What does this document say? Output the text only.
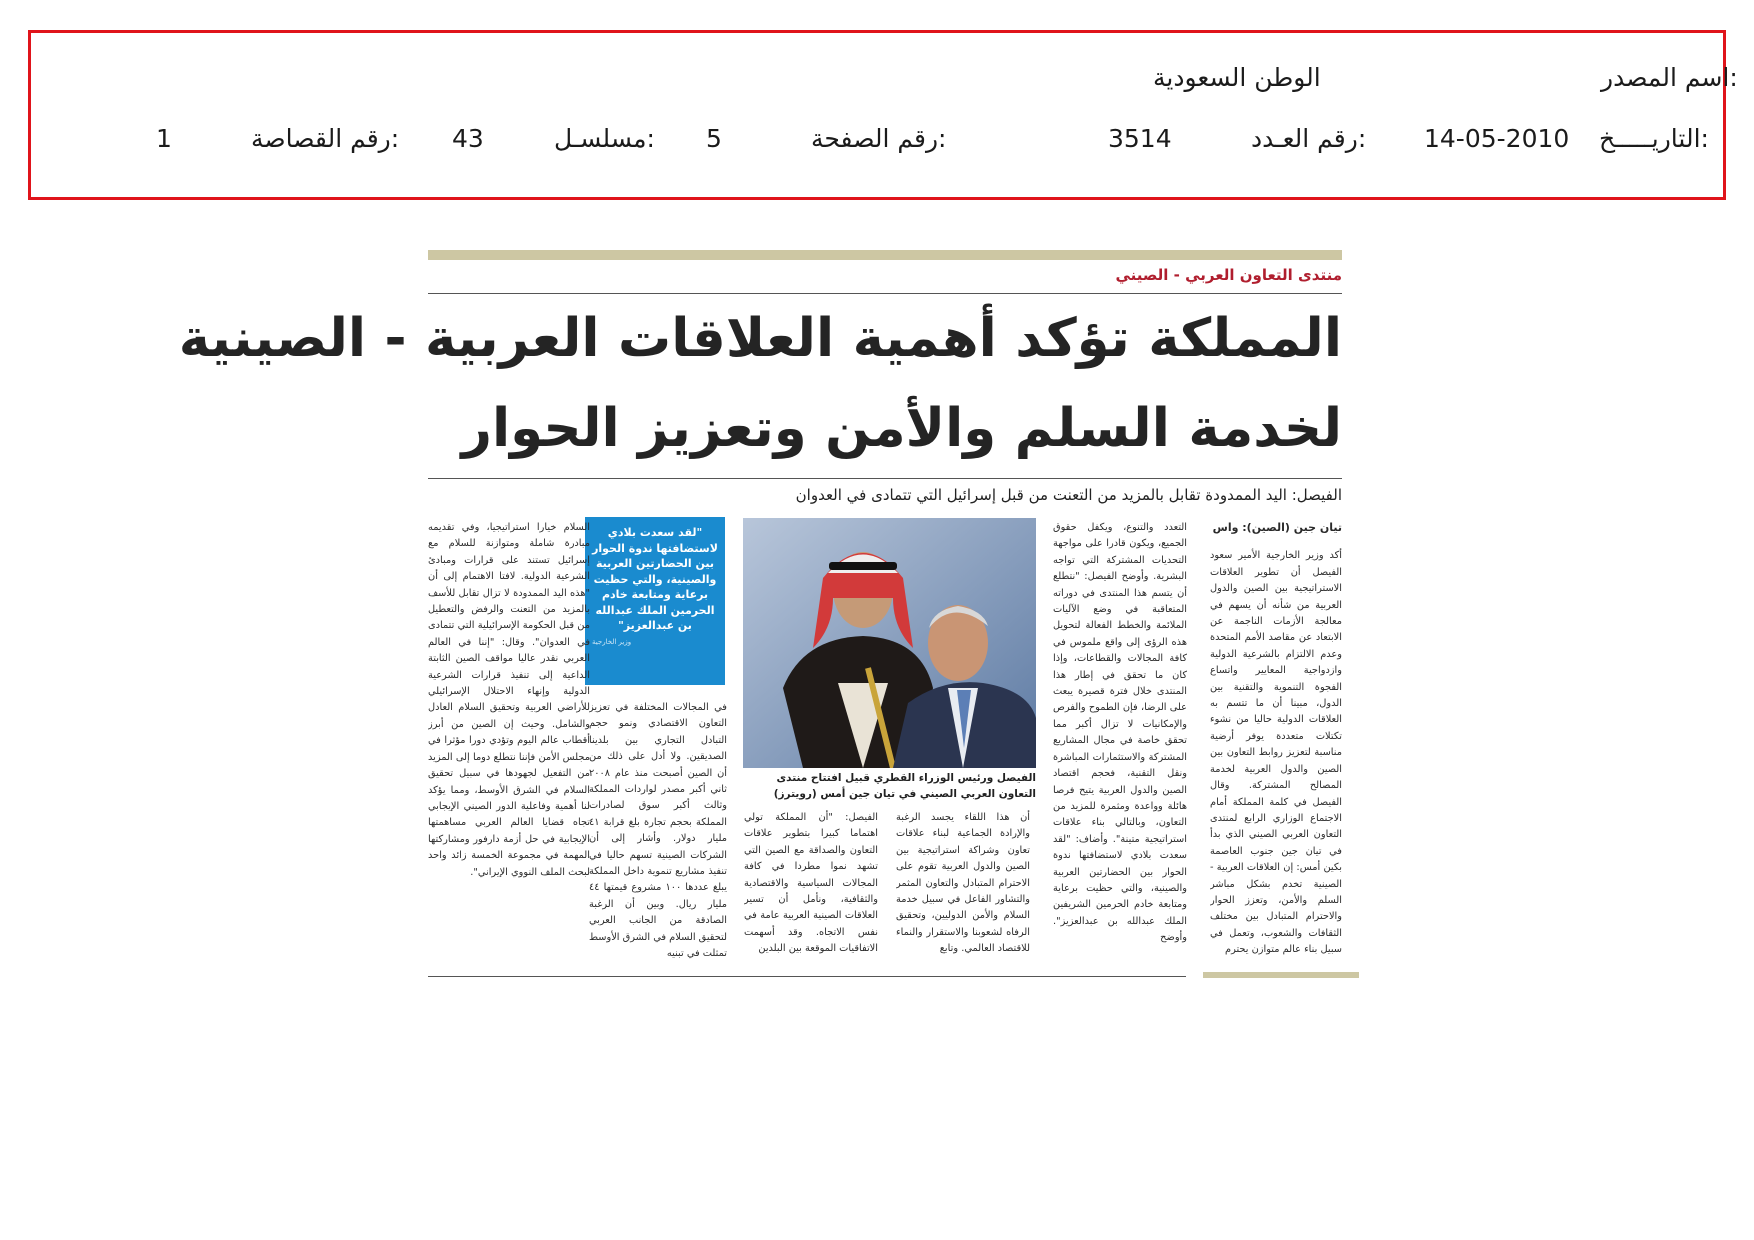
اسم المصدر:
الوطن السعودية
التاريـــــخ:
14-05-2010
رقم العـدد:
3514
رقم الصفحة:
5
مسلسـل:
43
رقم القصاصة:
1
منتدى التعاون العربي - الصيني
المملكة تؤكد أهمية العلاقات العربية - الصينية
لخدمة السلم والأمن وتعزيز الحوار
الفيصل: اليد الممدودة تقابل بالمزيد من التعنت من قبل إسرائيل التي تتمادى في العدوان
تيان جين (الصين): واس

أكد وزير الخارجية الأمير سعود الفيصل أن تطوير العلاقات الاستراتيجية بين الصين والدول العربية من شأنه أن يسهم في معالجة الأزمات الناجمة عن الابتعاد عن مقاصد الأمم المتحدة وعدم الالتزام بالشرعية الدولية وازدواجية المعايير واتساع الفجوة التنموية والتقنية بين الدول، مبينا أن ما تتسم به العلاقات الدولية حاليا من نشوء تكتلات متعددة يوفر أرضية مناسبة لتعزيز روابط التعاون بين الصين والدول العربية لخدمة المصالح المشتركة. وقال الفيصل في كلمة المملكة أمام الاجتماع الوزاري الرابع لمنتدى التعاون العربي الصيني الذي بدأ في تيان جين جنوب العاصمة بكين أمس: إن العلاقات العربية - الصينية تخدم بشكل مباشر السلم والأمن، وتعزز الحوار والاحترام المتبادل بين مختلف الثقافات والشعوب، وتعمل في سبيل بناء عالم متوازن يحترم

التعدد والتنوع، ويكفل حقوق الجميع، ويكون قادرا على مواجهة التحديات المشتركة التي تواجه البشرية. وأوضح الفيصل: "نتطلع أن يتسم هذا المنتدى في دوراته المتعاقبة في وضع الآليات الملائمة والخطط الفعالة لتحويل هذه الرؤى إلى واقع ملموس في كافة المجالات والقطاعات، وإذا كان ما تحقق في إطار هذا المنتدى خلال فترة قصيرة يبعث على الرضا، فإن الطموح والفرص والإمكانيات لا تزال أكبر مما تحقق خاصة في مجال المشاريع المشتركة والاستثمارات المباشرة ونقل التقنية، فحجم اقتصاد الصين والدول العربية يتيح فرصا هائلة وواعدة ومثمرة للمزيد من التعاون، وبالتالي بناء علاقات استراتيجية متينة". وأضاف: "لقد سعدت بلادي لاستضافتها ندوة الحوار بين الحضارتين العربية والصينية، والتي حظيت برعاية ومتابعة خادم الحرمين الشريفين الملك عبدالله بن عبدالعزيز". وأوضح

الفيصل ورئيس الوزراء القطري قبيل افتتاح منتدى التعاون العربي الصيني في تيان جين أمس (رويترز)

أن هذا اللقاء يجسد الرغبة والإرادة الجماعية لبناء علاقات تعاون وشراكة استراتيجية بين الصين والدول العربية تقوم على الاحترام المتبادل والتعاون المثمر والتشاور الفاعل في سبيل خدمة السلام والأمن الدوليين، وتحقيق الرفاه لشعوبنا والاستقرار والنماء للاقتصاد العالمي. وتابع

الفيصل: "أن المملكة تولي اهتماما كبيرا بتطوير علاقات التعاون والصداقة مع الصين التي تشهد نموا مطردا في كافة المجالات السياسية والاقتصادية والثقافية، ونأمل أن تسير العلاقات الصينية العربية عامة في نفس الاتجاه. وقد أسهمت الاتفاقيات الموقعة بين البلدين

"لقد سعدت بلادي لاستضافتها ندوة الحوار بين الحضارتين العربية والصينية، والتي حظيت برعاية ومتابعة خادم الحرمين الملك عبدالله بن عبدالعزيز"
وزير الخارجية

في المجالات المختلفة في تعزيز التعاون الاقتصادي ونمو حجم التبادل التجاري بين بلدينا الصديقين. ولا أدل على ذلك من أن الصين أصبحت منذ عام ٢٠٠٨ ثاني أكبر مصدر لواردات المملكة وثالث أكبر سوق لصادرات المملكة بحجم تجارة بلغ قرابة ٤١ مليار دولار. وأشار إلى أن الشركات الصينية تسهم حاليا في تنفيذ مشاريع تنموية داخل المملكة يبلغ عددها ١٠٠ مشروع قيمتها ٤٤ مليار ريال. وبين أن الرغبة الصادقة من الجانب العربي لتحقيق السلام في الشرق الأوسط تمثلت في تبنيه

السلام خيارا استراتيجيا، وفي تقديمه مبادرة شاملة ومتوازنة للسلام مع إسرائيل تستند على قرارات ومبادئ الشرعية الدولية. لافتا الاهتمام إلى أن "هذه اليد الممدودة لا تزال تقابل للأسف بالمزيد من التعنت والرفض والتعطيل من قبل الحكومة الإسرائيلية التي تتمادى في العدوان". وقال: "إننا في العالم العربي نقدر عاليا مواقف الصين الثابتة الداعية إلى تنفيذ قرارات الشرعية الدولية وإنهاء الاحتلال الإسرائيلي للأراضي العربية وتحقيق السلام العادل والشامل. وحيث إن الصين من أبرز أقطاب عالم اليوم وتؤدي دورا مؤثرا في مجلس الأمن فإننا نتطلع دوما إلى المزيد من التفعيل لجهودها في سبيل تحقيق السلام في الشرق الأوسط، ومما يؤكد لنا أهمية وفاعلية الدور الصيني الإيجابي تجاه قضايا العالم العربي مساهمتها الإيجابية في حل أزمة دارفور ومشاركتها المهمة في مجموعة الخمسة زائد واحد لبحث الملف النووي الإيراني".
